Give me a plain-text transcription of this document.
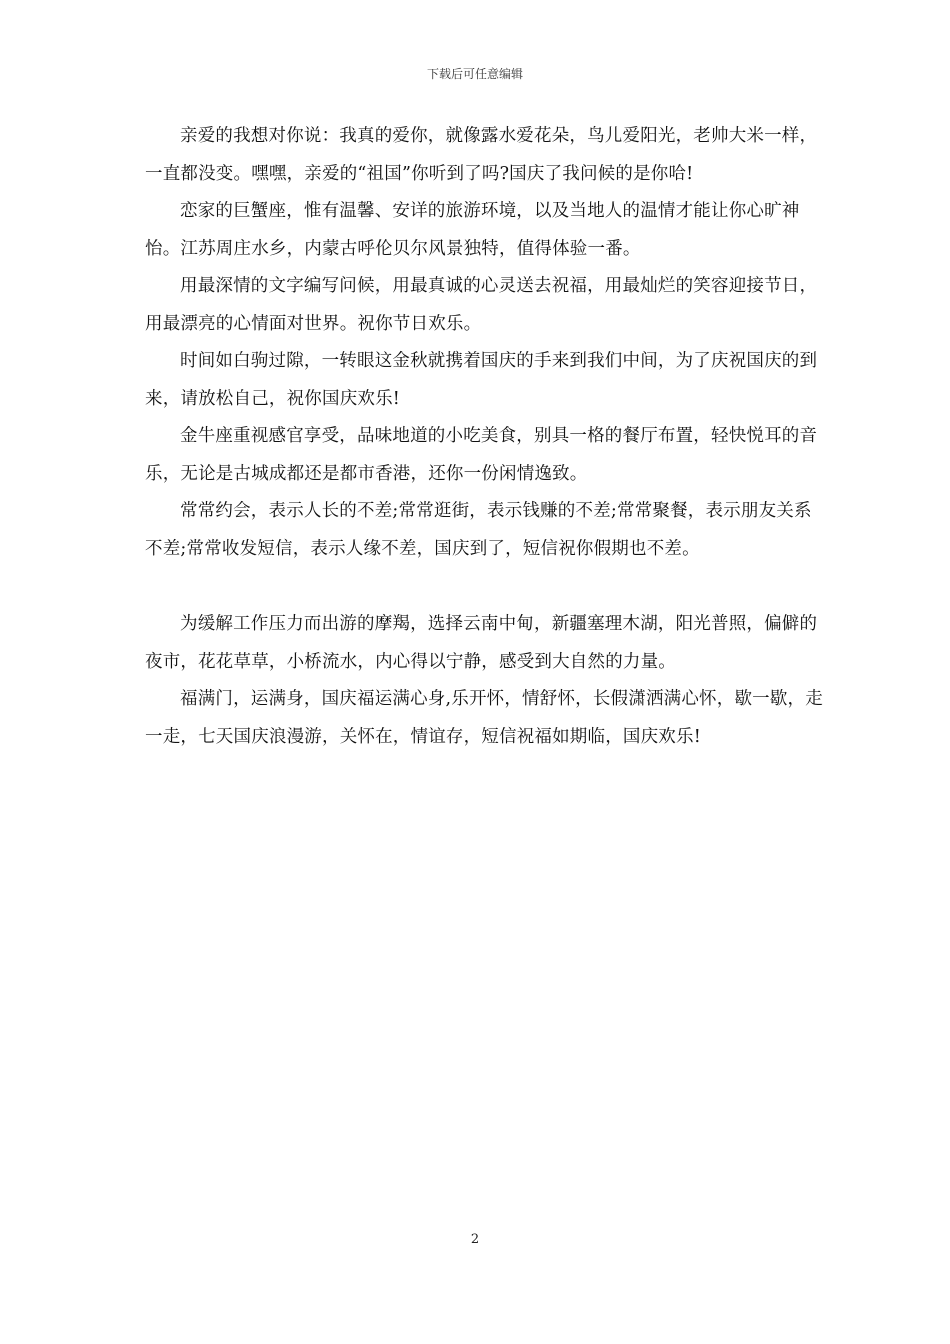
下载后可任意编辑

亲爱的我想对你说：我真的爱你，就像露水爱花朵，鸟儿爱阳光，老帅大米一样，一直都没变。嘿嘿，亲爱的“祖国”你听到了吗?国庆了我问候的是你哈!

恋家的巨蟹座，惟有温馨、安详的旅游环境，以及当地人的温情才能让你心旷神怡。江苏周庄水乡，内蒙古呼伦贝尔风景独特，值得体验一番。

用最深情的文字编写问候，用最真诚的心灵送去祝福，用最灿烂的笑容迎接节日，用最漂亮的心情面对世界。祝你节日欢乐。

时间如白驹过隙，一转眼这金秋就携着国庆的手来到我们中间，为了庆祝国庆的到来，请放松自己，祝你国庆欢乐!

金牛座重视感官享受，品味地道的小吃美食，别具一格的餐厅布置，轻快悦耳的音乐，无论是古城成都还是都市香港，还你一份闲情逸致。

常常约会，表示人长的不差;常常逛街，表示钱赚的不差;常常聚餐，表示朋友关系不差;常常收发短信，表示人缘不差，国庆到了，短信祝你假期也不差。

为缓解工作压力而出游的摩羯，选择云南中甸，新疆塞理木湖，阳光普照，偏僻的夜市，花花草草，小桥流水，内心得以宁静，感受到大自然的力量。

福满门，运满身，国庆福运满心身,乐开怀，情舒怀，长假潇洒满心怀，歇一歇，走一走，七天国庆浪漫游，关怀在，情谊存，短信祝福如期临，国庆欢乐!

2
